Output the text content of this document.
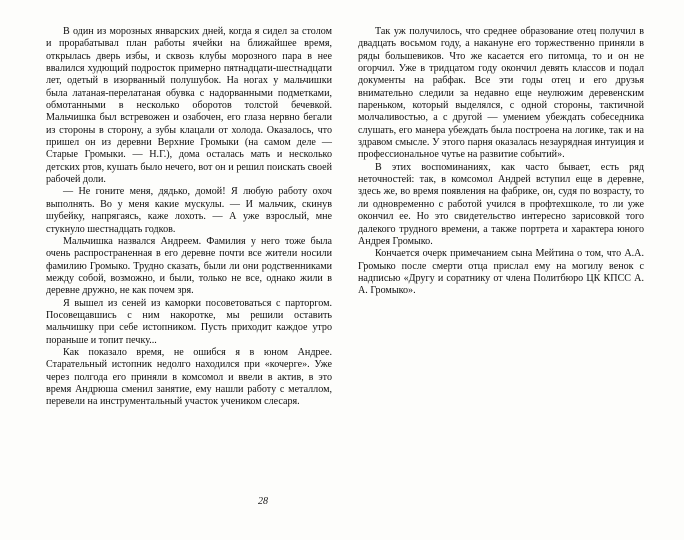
В один из морозных январских дней, когда я сидел за столом и прорабатывал план работы ячейки на ближайшее время, открылась дверь избы, и сквозь клубы морозного пара в нее ввалился худющий подросток примерно пятнадцати-шестнадцати лет, одетый в изорванный полушубок. На ногах у мальчишки была латаная-перелатаная обувка с надорванными подметками, обмотанными в несколько оборотов толстой бечевкой. Мальчишка был встревожен и озабочен, его глаза нервно бегали из стороны в сторону, а зубы клацали от холода. Оказалось, что пришел он из деревни Верхние Громыки (на самом деле — Старые Громыки. — Н.Г.), дома осталась мать и несколько детских ртов, кушать было нечего, вот он и решил поискать своей рабочей доли.

— Не гоните меня, дядько, домой! Я любую работу охоч выполнять. Во у меня какие мускулы. — И мальчик, скинув шубейку, напрягаясь, каже лохоть. — А уже взрослый, мне стукнуло шестнадцать годков.

Мальчишка назвался Андреем. Фамилия у него тоже была очень распространенная в его деревне почти все жители носили фамилию Громыко. Трудно сказать, были ли они родственниками между собой, возможно, и были, только не все, однако жили в деревне дружно, не как почем зря.

Я вышел из сеней из каморки посоветоваться с парторгом. Посовещавшись с ним накоротке, мы решили оставить мальчишку при себе истопником. Пусть приходит каждое утро пораньше и топит печку...

Как показало время, не ошибся я в юном Андрее. Старательный истопник недолго находился при «кочерге». Уже через полгода его приняли в комсомол и ввели в актив, в это время Андрюша сменил занятие, ему нашли работу с металлом, перевели на инструментальный участок учеником слесаря.

Так уж получилось, что среднее образование отец получил в двадцать восьмом году, а накануне его торжественно приняли в ряды большевиков. Что же касается его питомца, то и он не огорчил. Уже в тридцатом году окончил девять классов и подал документы на рабфак. Все эти годы отец и его друзья внимательно следили за недавно еще неулюжим деревенским пареньком, который выделялся, с одной стороны, тактичной молчаливостью, а с другой — умением убеждать собеседника слушать, его манера убеждать была построена на логике, так и на здравом смысле. У этого парня оказалась незаурядная интуиция и профессиональное чутье на развитие событий».

В этих воспоминаниях, как часто бывает, есть ряд неточностей: так, в комсомол Андрей вступил еще в деревне, здесь же, во время появления на фабрике, он, судя по возрасту, то ли одновременно с работой учился в профтехшколе, то ли уже окончил ее. Но это свидетельство интересно зарисовкой того далекого трудного времени, а также портрета и характера юного Андрея Громыко.

Кончается очерк примечанием сына Мейтина о том, что А.А. Громыко после смерти отца прислал ему на могилу венок с надписью «Другу и соратнику от члена Политбюро ЦК КПСС А. А. Громыко».

28
